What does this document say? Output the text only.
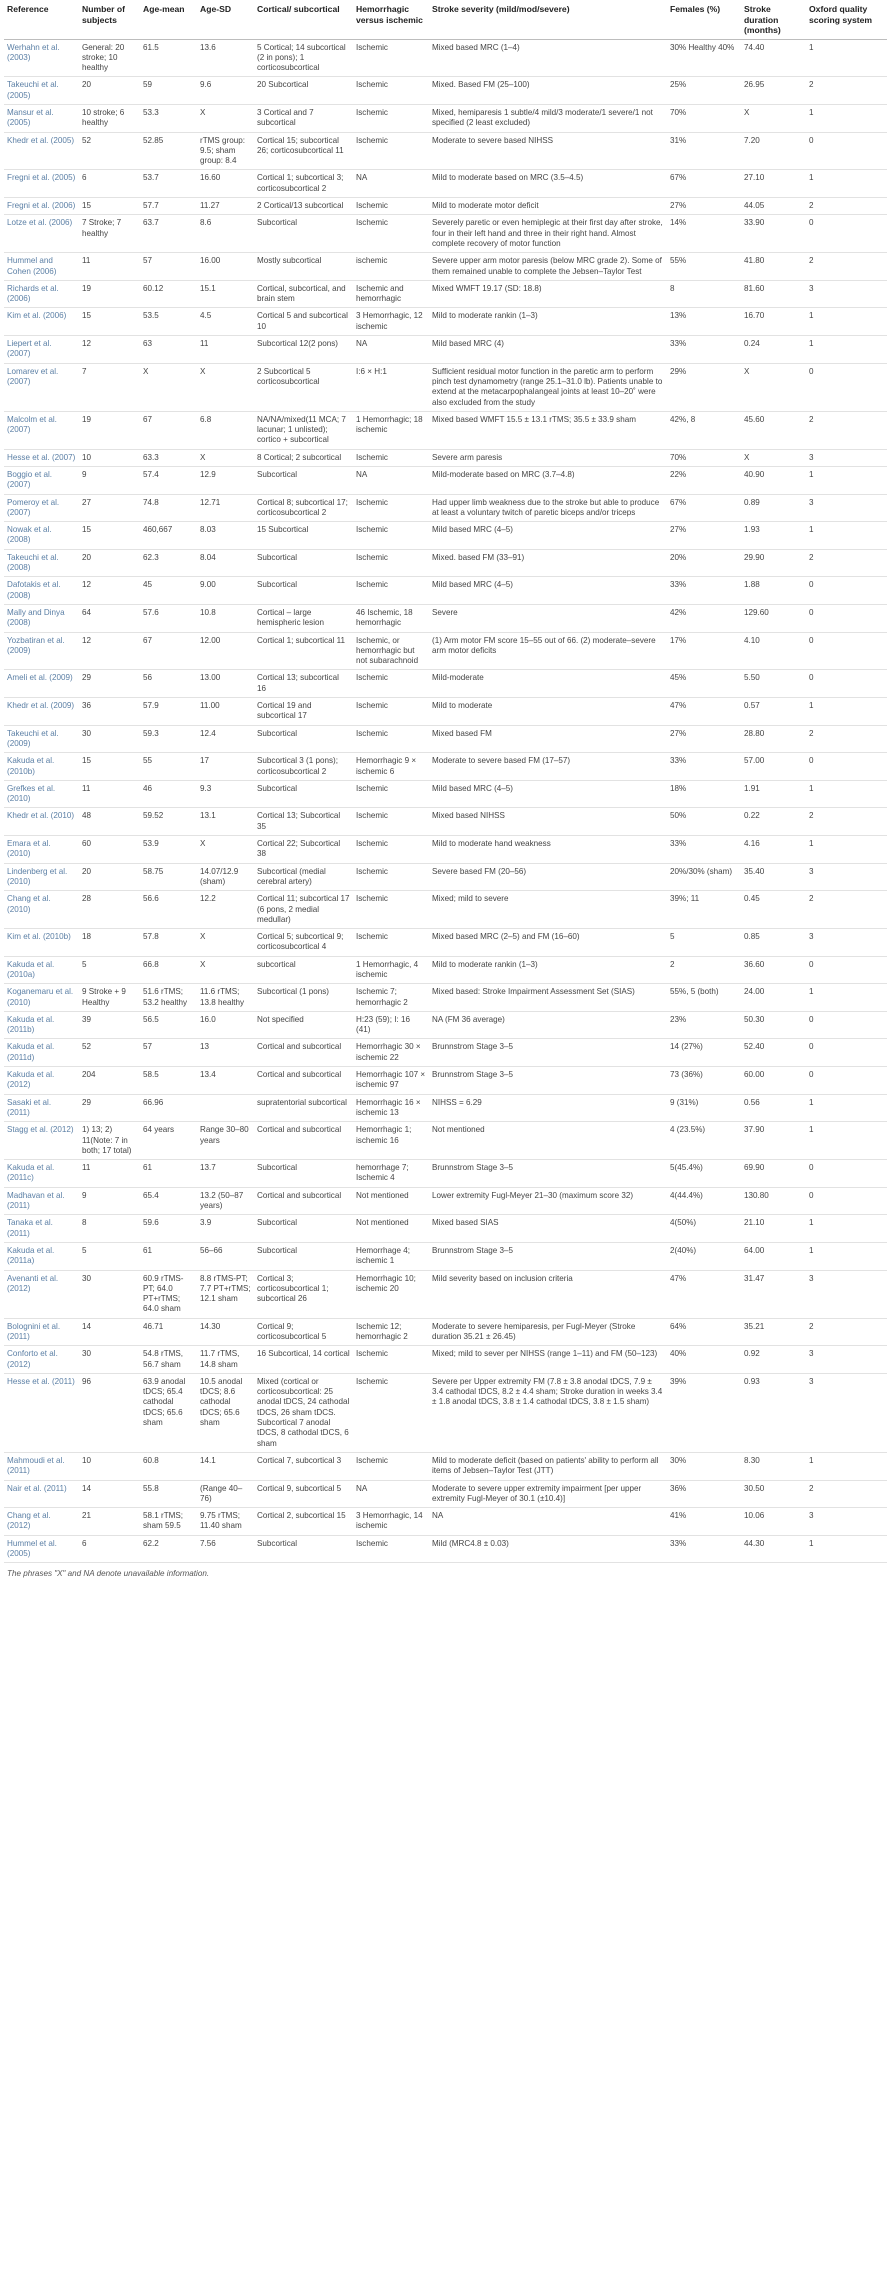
Reference	Number of subjects	Age-mean	Age-SD	Cortical/ subcortical	Hemorrhagic versus ischemic	Stroke severity (mild/mod/severe)	Females (%)	Stroke duration (months)	Oxford quality scoring system
Werhahn et al. (2003)	General: 20 stroke; 10 healthy	61.5	13.6	5 Cortical; 14 subcortical (2 in pons); 1 corticosubcortical	Ischemic	Mixed based MRC (1–4)	30% Healthy 40%	74.40	1
Takeuchi et al. (2005)	20	59	9.6	20 Subcortical	Ischemic	Mixed. Based FM (25–100)	25%	26.95	2
Mansur et al. (2005)	10 stroke; 6 healthy	53.3	X	3 Cortical and 7 subcortical	Ischemic	Mixed, hemiparesis 1 subtle/4 mild/3 moderate/1 severe/1 not specified (2 least excluded)	70%	X	1
Khedr et al. (2005)	52	52.85	rTMS group: 9.5; sham group: 8.4	Cortical 15; subcortical 26; corticosubcortical 11	Ischemic	Moderate to severe based NIHSS	31%	7.20	0
Fregni et al. (2005)	6	53.7	16.60	Cortical 1; subcortical 3; corticosubcortical 2	NA	Mild to moderate based on MRC (3.5–4.5)	67%	27.10	1
Fregni et al. (2006)	15	57.7	11.27	2 Cortical/13 subcortical	Ischemic	Mild to moderate motor deficit	27%	44.05	2
Lotze et al. (2006)	7 Stroke; 7 healthy	63.7	8.6	Subcortical	Ischemic	Severely paretic or even hemiplegic at their first day after stroke, four in their left hand and three in their right hand. Almost complete recovery of motor function	14%	33.90	0
Hummel and Cohen (2006)	11	57	16.00	Mostly subcortical	ischemic	Severe upper arm motor paresis (below MRC grade 2). Some of them remained unable to complete the Jebsen–Taylor Test	55%	41.80	2
Richards et al. (2006)	19	60.12	15.1	Cortical, subcortical, and brain stem	Ischemic and hemorrhagic	Mixed WMFT 19.17 (SD: 18.8)	8	81.60	3
Kim et al. (2006)	15	53.5	4.5	Cortical 5 and subcortical 10	3 Hemorrhagic, 12 ischemic	Mild to moderate rankin (1–3)	13%	16.70	1
Liepert et al. (2007)	12	63	11	Subcortical 12(2 pons)	NA	Mild based MRC (4)	33%	0.24	1
Lomarev et al. (2007)	7	X	X	2 Subcortical 5 corticosubcortical	I:6 × H:1	Sufficient residual motor function in the paretic arm to perform pinch test dynamometry (range 25.1–31.0 lb). Patients unable to extend at the metacarpophalangeal joints at least 10–20˚ were also excluded from the study	29%	X	0
Malcolm et al. (2007)	19	67	6.8	NA/NA/mixed(11 MCA; 7 lacunar; 1 unlisted); cortico + subcortical	1 Hemorrhagic; 18 ischemic	Mixed based WMFT 15.5 ± 13.1 rTMS; 35.5 ± 33.9 sham	42%, 8	45.60	2
Hesse et al. (2007)	10	63.3	X	8 Cortical; 2 subcortical	Ischemic	Severe arm paresis	70%	X	3
Boggio et al. (2007)	9	57.4	12.9	Subcortical	NA	Mild-moderate based on MRC (3.7–4.8)	22%	40.90	1
Pomeroy et al. (2007)	27	74.8	12.71	Cortical 8; subcortical 17; corticosubcortical 2	Ischemic	Had upper limb weakness due to the stroke but able to produce at least a voluntary twitch of paretic biceps and/or triceps	67%	0.89	3
Nowak et al. (2008)	15	460,667	8.03	15 Subcortical	Ischemic	Mild based MRC (4–5)	27%	1.93	1
Takeuchi et al. (2008)	20	62.3	8.04	Subcortical	Ischemic	Mixed. based FM (33–91)	20%	29.90	2
Dafotakis et al. (2008)	12	45	9.00	Subcortical	Ischemic	Mild based MRC (4–5)	33%	1.88	0
Mally and Dinya (2008)	64	57.6	10.8	Cortical – large hemispheric lesion	46 Ischemic, 18 hemorrhagic	Severe	42%	129.60	0
Yozbatiran et al. (2009)	12	67	12.00	Cortical 1; subcortical 11	Ischemic, or hemorrhagic but not subarachnoid	(1) Arm motor FM score 15–55 out of 66. (2) moderate–severe arm motor deficits	17%	4.10	0
Ameli et al. (2009)	29	56	13.00	Cortical 13; subcortical 16	Ischemic	Mild-moderate	45%	5.50	0
Khedr et al. (2009)	36	57.9	11.00	Cortical 19 and subcortical 17	Ischemic	Mild to moderate	47%	0.57	1
Takeuchi et al. (2009)	30	59.3	12.4	Subcortical	Ischemic	Mixed based FM	27%	28.80	2
Kakuda et al. (2010b)	15	55	17	Subcortical 3 (1 pons); corticosubcortical 2	Hemorrhagic 9 × ischemic 6	Moderate to severe based FM (17–57)	33%	57.00	0
Grefkes et al. (2010)	11	46	9.3	Subcortical	Ischemic	Mild based MRC (4–5)	18%	1.91	1
Khedr et al. (2010)	48	59.52	13.1	Cortical 13; Subcortical 35	Ischemic	Mixed based NIHSS	50%	0.22	2
Emara et al. (2010)	60	53.9	X	Cortical 22; Subcortical 38	Ischemic	Mild to moderate hand weakness	33%	4.16	1
Lindenberg et al. (2010)	20	58.75	14.07/12.9 (sham)	Subcortical (medial cerebral artery)	Ischemic	Severe based FM (20–56)	20%/30% (sham)	35.40	3
Chang et al. (2010)	28	56.6	12.2	Cortical 11; subcortical 17 (6 pons, 2 medial medullar)	Ischemic	Mixed; mild to severe	39%; 11	0.45	2
Kim et al. (2010b)	18	57.8	X	Cortical 5; subcortical 9; corticosubcortical 4	Ischemic	Mixed based MRC (2–5) and FM (16–60)	5	0.85	3
Kakuda et al. (2010a)	5	66.8	X	subcortical	1 Hemorrhagic, 4 ischemic	Mild to moderate rankin (1–3)	2	36.60	0
Koganemaru et al. (2010)	9 Stroke + 9 Healthy	51.6 rTMS; 53.2 healthy	11.6 rTMS; 13.8 healthy	Subcortical (1 pons)	Ischemic 7; hemorrhagic 2	Mixed based: Stroke Impairment Assessment Set (SIAS)	55%, 5 (both)	24.00	1
Kakuda et al. (2011b)	39	56.5	16.0	Not specified	H:23 (59); I: 16 (41)	NA (FM 36 average)	23%	50.30	0
Kakuda et al. (2011d)	52	57	13	Cortical and subcortical	Hemorrhagic 30 × ischemic 22	Brunnstrom Stage 3–5	14 (27%)	52.40	0
Kakuda et al. (2012)	204	58.5	13.4	Cortical and subcortical	Hemorrhagic 107 × ischemic 97	Brunnstrom Stage 3–5	73 (36%)	60.00	0
Sasaki et al. (2011)	29	66.96		supratentorial subcortical	Hemorrhagic 16 × ischemic 13	NIHSS = 6.29	9 (31%)	0.56	1
Stagg et al. (2012)	1) 13; 2) 11(Note: 7 in both; 17 total)	64 years	Range 30–80 years	Cortical and subcortical	Hemorrhagic 1; ischemic 16	Not mentioned	4 (23.5%)	37.90	1
Kakuda et al. (2011c)	11	61	13.7	Subcortical	hemorrhage 7; Ischemic 4	Brunnstrom Stage 3–5	5(45.4%)	69.90	0
Madhavan et al. (2011)	9	65.4	13.2 (50–87 years)	Cortical and subcortical	Not mentioned	Lower extremity Fugl-Meyer 21–30 (maximum score 32)	4(44.4%)	130.80	0
Tanaka et al. (2011)	8	59.6	3.9	Subcortical	Not mentioned	Mixed based SIAS	4(50%)	21.10	1
Kakuda et al. (2011a)	5	61	56–66	Subcortical	Hemorrhage 4; ischemic 1	Brunnstrom Stage 3–5	2(40%)	64.00	1
Avenanti et al. (2012)	30	60.9 rTMS-PT; 64.0 PT+rTMS; 64.0 sham	8.8 rTMS-PT; 7.7 PT+rTMS; 12.1 sham	Cortical 3; corticosubcortical 1; subcortical 26	Hemorrhagic 10; ischemic 20	Mild severity based on inclusion criteria	47%	31.47	3
Bolognini et al. (2011)	14	46.71	14.30	Cortical 9; corticosubcortical 5	Ischemic 12; hemorrhagic 2	Moderate to severe hemiparesis, per Fugl-Meyer (Stroke duration 35.21 ± 26.45)	64%	35.21	2
Conforto et al. (2012)	30	54.8 rTMS, 56.7 sham	11.7 rTMS, 14.8 sham	16 Subcortical, 14 cortical	Ischemic	Mixed; mild to sever per NIHSS (range 1–11) and FM (50–123)	40%	0.92	3
Hesse et al. (2011)	96	63.9 anodal tDCS; 65.4 cathodal tDCS; 65.6 sham	10.5 anodal tDCS; 8.6 cathodal tDCS; 65.6 sham	Mixed (cortical or corticosubcortical: 25 anodal tDCS, 24 cathodal tDCS, 26 sham tDCS. Subcortical 7 anodal tDCS, 8 cathodal tDCS, 6 sham	Ischemic	Severe per Upper extremity FM (7.8 ± 3.8 anodal tDCS, 7.9 ± 3.4 cathodal tDCS, 8.2 ± 4.4 sham; Stroke duration in weeks 3.4 ± 1.8 anodal tDCS, 3.8 ± 1.4 cathodal tDCS, 3.8 ± 1.5 sham)	39%	0.93	3
Mahmoudi et al. (2011)	10	60.8	14.1	Cortical 7, subcortical 3	Ischemic	Mild to moderate deficit (based on patients' ability to perform all items of Jebsen–Taylor Test (JTT)	30%	8.30	1
Nair et al. (2011)	14	55.8	(Range 40–76)	Cortical 9, subcortical 5	NA	Moderate to severe upper extremity impairment [per upper extremity Fugl-Meyer of 30.1 (±10.4)]	36%	30.50	2
Chang et al. (2012)	21	58.1 rTMS; sham 59.5	9.75 rTMS; 11.40 sham	Cortical 2, subcortical 15	3 Hemorrhagic, 14 ischemic	NA	41%	10.06	3
Hummel et al. (2005)	6	62.2	7.56	Subcortical	Ischemic	Mild (MRC4.8 ± 0.03)	33%	44.30	1
The phrases "X" and NA denote unavailable information.
